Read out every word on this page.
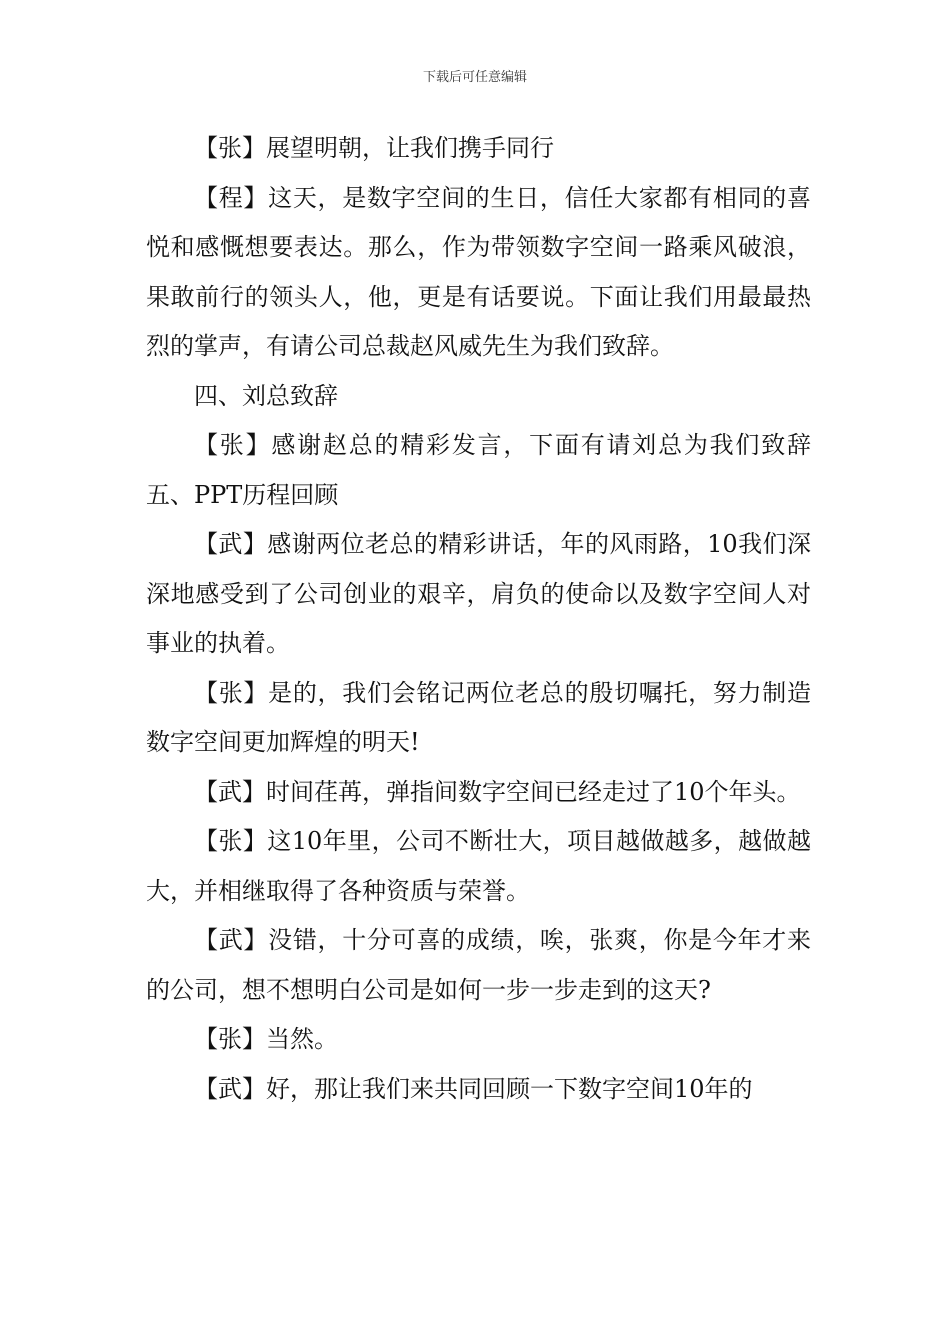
下载后可任意编辑

【张】展望明朝，让我们携手同行

【程】这天，是数字空间的生日，信任大家都有相同的喜悦和感慨想要表达。那么，作为带领数字空间一路乘风破浪，果敢前行的领头人，他，更是有话要说。下面让我们用最最热烈的掌声，有请公司总裁赵风威先生为我们致辞。

四、刘总致辞

【张】感谢赵总的精彩发言，下面有请刘总为我们致辞五、PPT历程回顾

【武】感谢两位老总的精彩讲话，年的风雨路，10我们深深地感受到了公司创业的艰辛，肩负的使命以及数字空间人对事业的执着。

【张】是的，我们会铭记两位老总的殷切嘱托，努力制造数字空间更加辉煌的明天!

【武】时间荏苒，弹指间数字空间已经走过了10个年头。

【张】这10年里，公司不断壮大，项目越做越多，越做越大，并相继取得了各种资质与荣誉。

【武】没错，十分可喜的成绩，唉，张爽，你是今年才来的公司，想不想明白公司是如何一步一步走到的这天?

【张】当然。

【武】好，那让我们来共同回顾一下数字空间10年的
